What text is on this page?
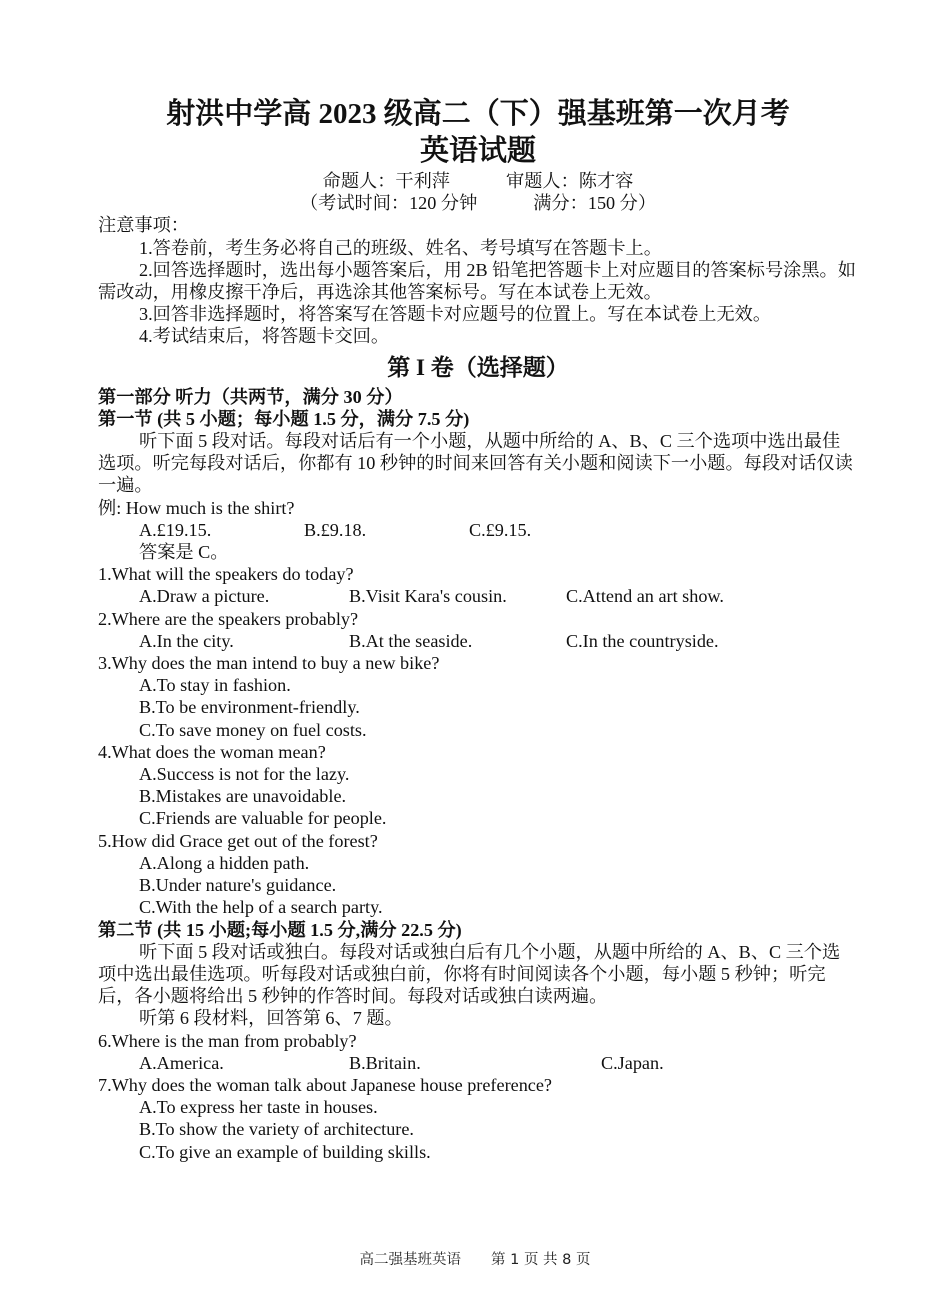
射洪中学高 2023 级高二（下）强基班第一次月考

英语试题

命题人：干利萍	审题人：陈才容

（考试时间：120 分钟	满分：150 分）

注意事项：

1.答卷前，考生务必将自己的班级、姓名、考号填写在答题卡上。

2.回答选择题时，选出每小题答案后，用 2B 铅笔把答题卡上对应题目的答案标号涂黑。如需改动，用橡皮擦干净后，再选涂其他答案标号。写在本试卷上无效。

3.回答非选择题时，将答案写在答题卡对应题号的位置上。写在本试卷上无效。

4.考试结束后，将答题卡交回。

第 I 卷（选择题）

第一部分 听力（共两节，满分 30 分）

第一节 (共 5 小题；每小题 1.5 分，满分 7.5 分)

听下面 5 段对话。每段对话后有一个小题，从题中所给的 A、B、C 三个选项中选出最佳选项。听完每段对话后，你都有 10 秒钟的时间来回答有关小题和阅读下一小题。每段对话仅读一遍。

例: How much is the shirt?

A.£19.15.	B.£9.18.	C.£9.15.

答案是 C。

1.What will the speakers do today?

A.Draw a picture.	B.Visit Kara's cousin.	C.Attend an art show.

2.Where are the speakers probably?

A.In the city.	B.At the seaside.	C.In the countryside.

3.Why does the man intend to buy a new bike?

A.To stay in fashion.

B.To be environment-friendly.

C.To save money on fuel costs.

4.What does the woman mean?

A.Success is not for the lazy.

B.Mistakes are unavoidable.

C.Friends are valuable for people.

5.How did Grace get out of the forest?

A.Along a hidden path.

B.Under nature's guidance.

C.With the help of a search party.

第二节 (共 15 小题;每小题 1.5 分,满分 22.5 分)

听下面 5 段对话或独白。每段对话或独白后有几个小题，从题中所给的 A、B、C 三个选项中选出最佳选项。听每段对话或独白前，你将有时间阅读各个小题，每小题 5 秒钟；听完后，各小题将给出 5 秒钟的作答时间。每段对话或独白读两遍。

听第 6 段材料，回答第 6、7 题。

6.Where is the man from probably?

A.America.	B.Britain.	C.Japan.

7.Why does the woman talk about Japanese house preference?

A.To express her taste in houses.

B.To show the variety of architecture.

C.To give an example of building skills.

高二强基班英语 第 1 页 共 8 页
